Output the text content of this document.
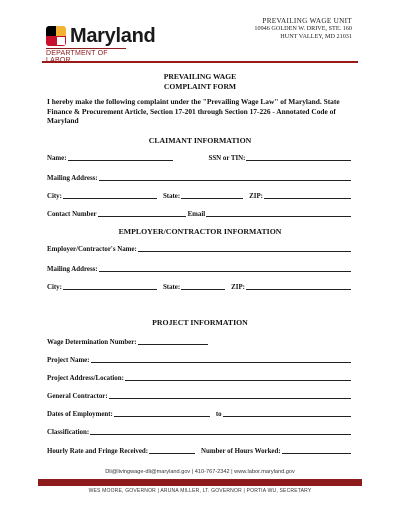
Maryland
DEPARTMENT OF
PREVAILING WAGE UNIT
10946 GOLDEN W. DRIVE, STE. 160
HUNT VALLEY, MD 21031
PREVAILING WAGE
COMPLAINT FORM
I hereby make the following complaint under the "Prevailing Wage Law" of Maryland. State Finance & Procurement Article, Section 17-201 through Section 17-226 - Annotated Code of Maryland
CLAIMANT INFORMATION
Name:	SSN or TIN:
Mailing Address:
City:	State:	ZIP:
Contact Number	Email
EMPLOYER/CONTRACTOR INFORMATION
Employer/Contractor's Name:
Mailing Address:
City:	State:	ZIP:
PROJECT INFORMATION
Wage Determination Number:
Project Name:
Project Address/Location:
General Contractor:
Dates of Employment:	to
Classification:
Hourly Rate and Fringe Received:	Number of Hours Worked:
Dli@livingwage-dli@maryland.gov | 410-767-2342 | www.labor.maryland.gov
WES MOORE, GOVERNOR | ARUNA MILLER, LT. GOVERNOR | PORTIA WU, SECRETARY
